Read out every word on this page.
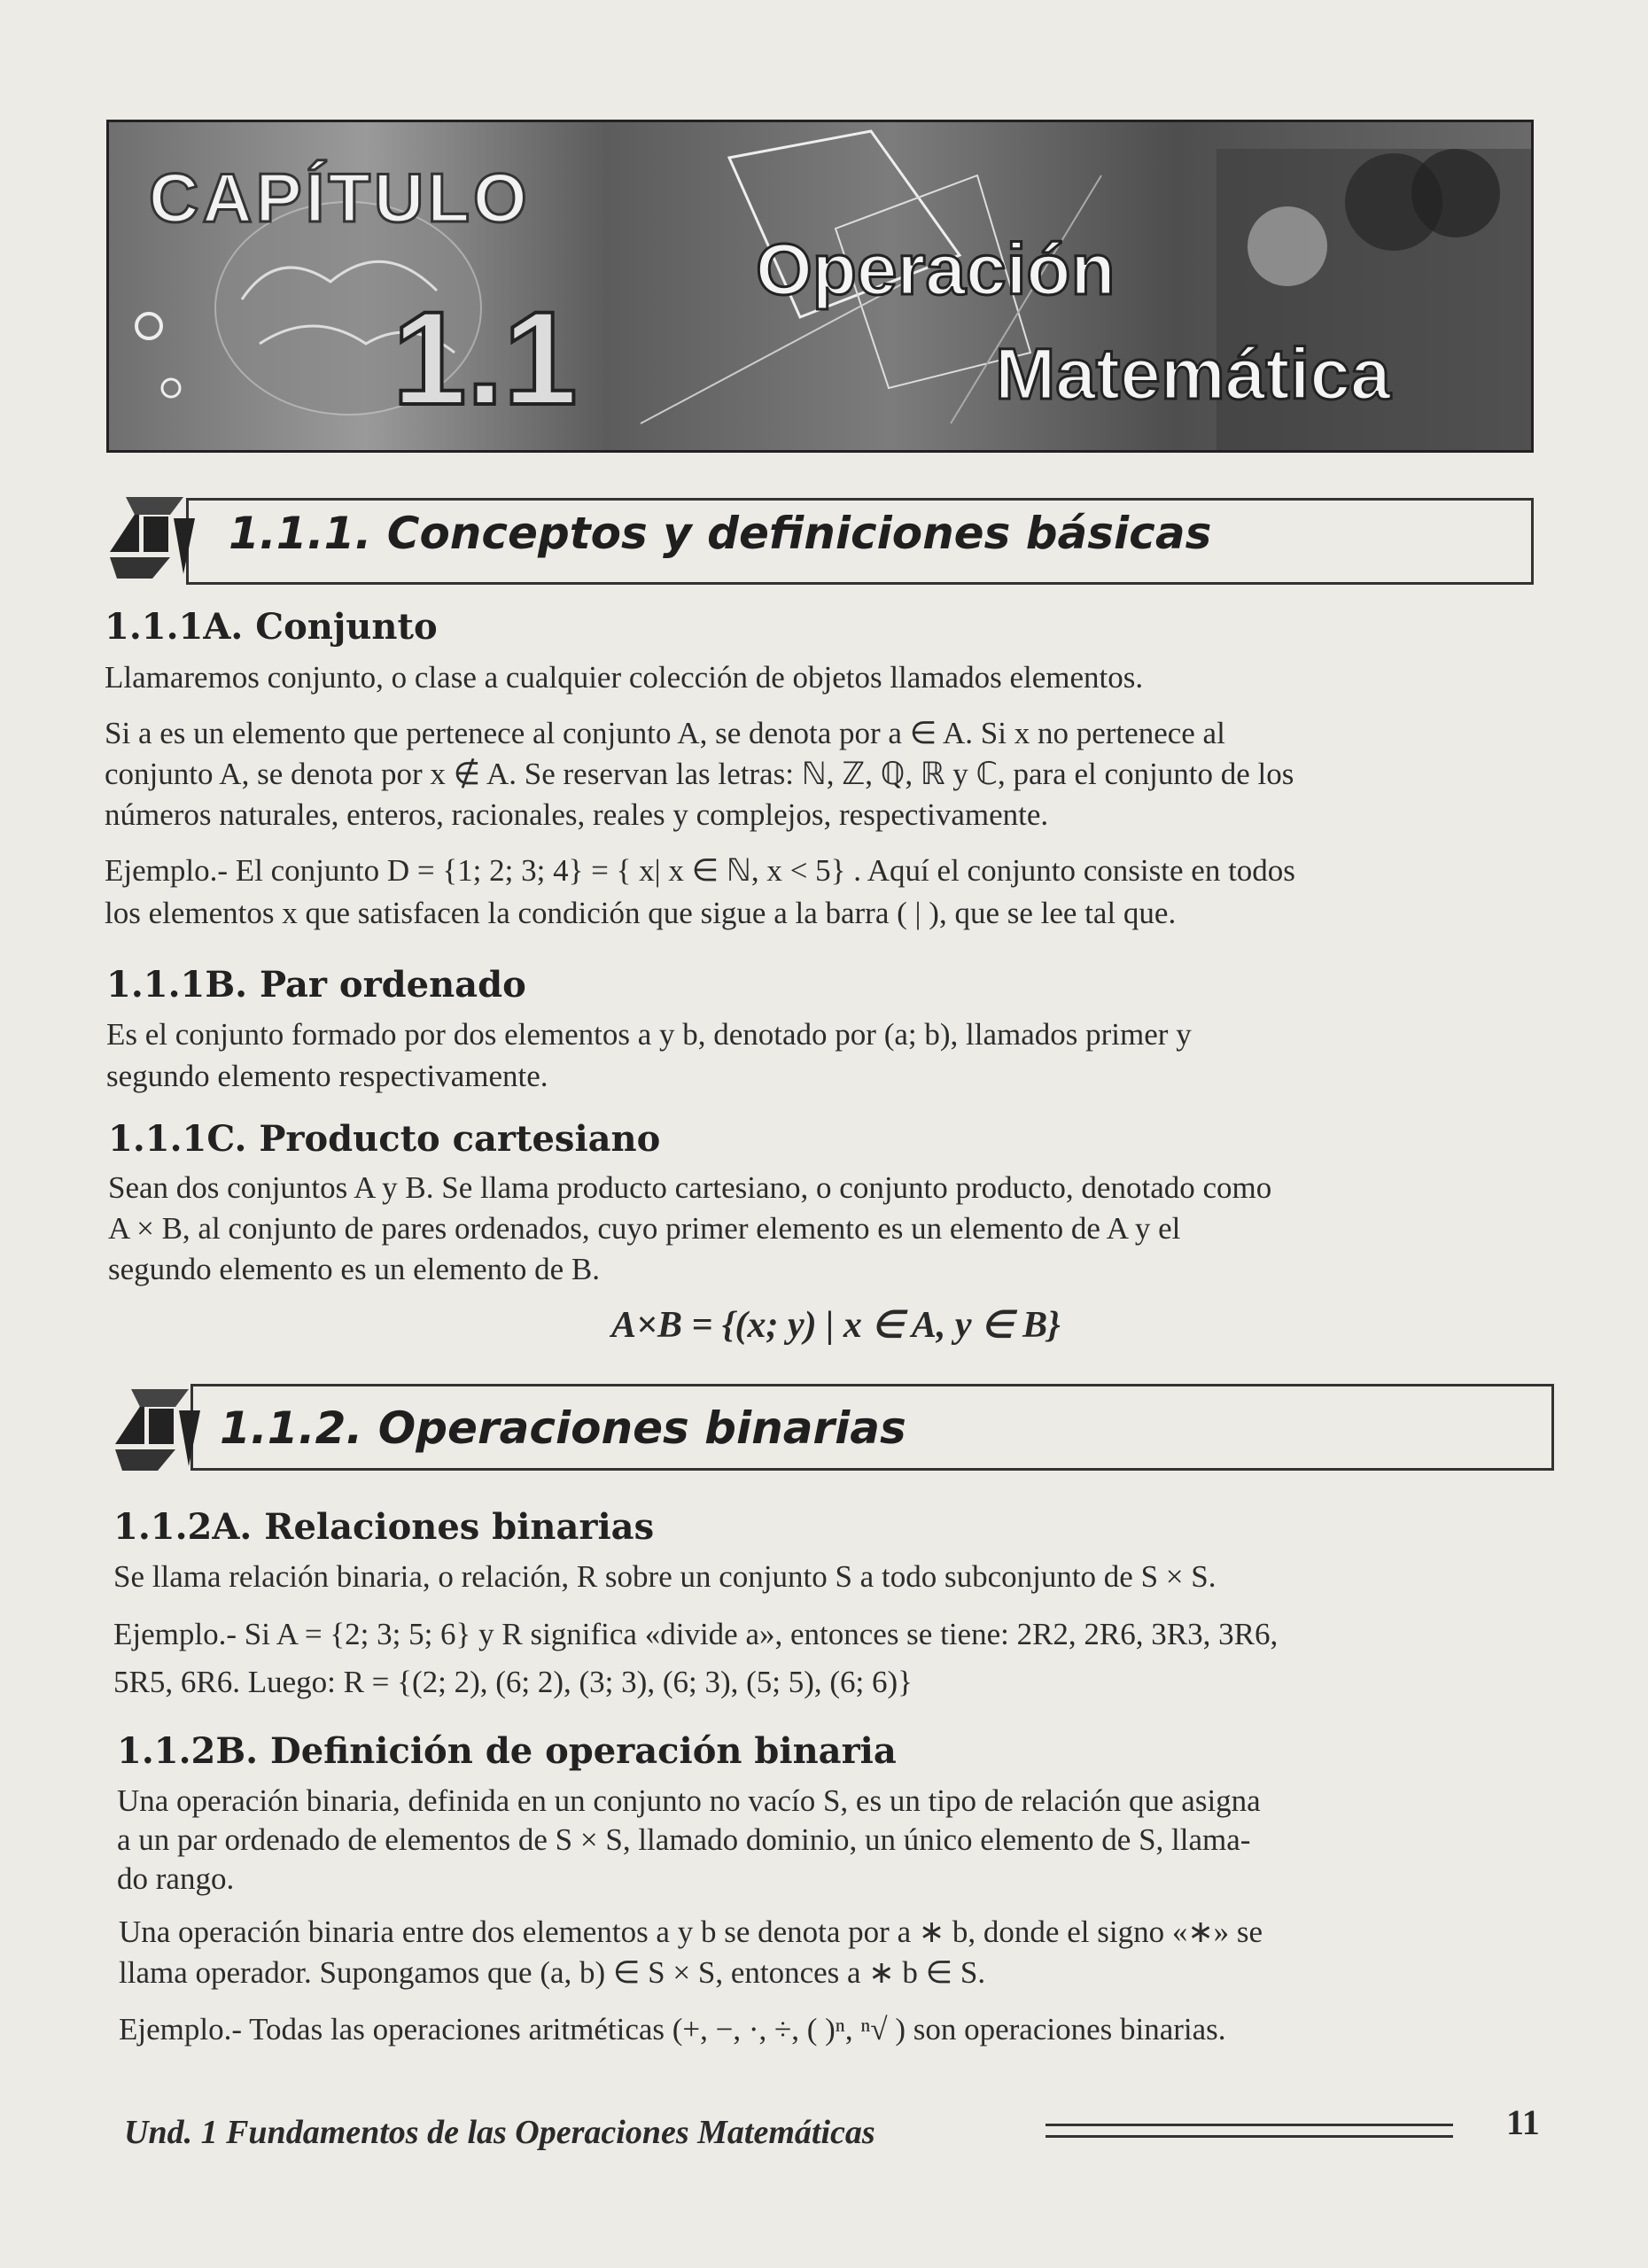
CAPÍTULO
1.1
Operación
Matemática
1.1.1. Conceptos y definiciones básicas
1.1.1A. Conjunto
Llamaremos conjunto, o clase a cualquier colección de objetos llamados elementos.
Si a es un elemento que pertenece al conjunto A, se denota por a ∈ A. Si x no pertenece al
conjunto A, se denota por x ∉ A. Se reservan las letras: ℕ, ℤ, ℚ, ℝ y ℂ, para el conjunto de los
números naturales, enteros, racionales, reales y complejos, respectivamente.
Ejemplo.- El conjunto D = {1; 2; 3; 4} = { x| x ∈ ℕ, x < 5} . Aquí el conjunto consiste en todos
los elementos x que satisfacen la condición que sigue a la barra ( | ), que se lee tal que.
1.1.1B. Par ordenado
Es el conjunto formado por dos elementos a y b, denotado por (a; b), llamados primer y
segundo elemento respectivamente.
1.1.1C. Producto cartesiano
Sean dos conjuntos A y B. Se llama producto cartesiano, o conjunto producto, denotado como
A × B, al conjunto de pares ordenados, cuyo primer elemento es un elemento de A y el
segundo elemento es un elemento de B.
A×B = {(x; y) | x ∈ A, y ∈ B}
1.1.2. Operaciones binarias
1.1.2A. Relaciones binarias
Se llama relación binaria, o relación, R sobre un conjunto S a todo subconjunto de S × S.
Ejemplo.- Si A = {2; 3; 5; 6} y R significa «divide a», entonces se tiene: 2R2, 2R6, 3R3, 3R6,
5R5, 6R6. Luego: R = {(2; 2), (6; 2), (3; 3), (6; 3), (5; 5), (6; 6)}
1.1.2B. Definición de operación binaria
Una operación binaria, definida en un conjunto no vacío S, es un tipo de relación que asigna
a un par ordenado de elementos de S × S, llamado dominio, un único elemento de S, llama-
do rango.
Una operación binaria entre dos elementos a y b se denota por a ∗ b, donde el signo «∗» se
llama operador. Supongamos que (a, b) ∈ S × S, entonces a ∗ b ∈ S.
Ejemplo.- Todas las operaciones aritméticas (+, −, ·, ÷, ( )ⁿ, ⁿ√ ) son operaciones binarias.
Und. 1 Fundamentos de las Operaciones Matemáticas	11
